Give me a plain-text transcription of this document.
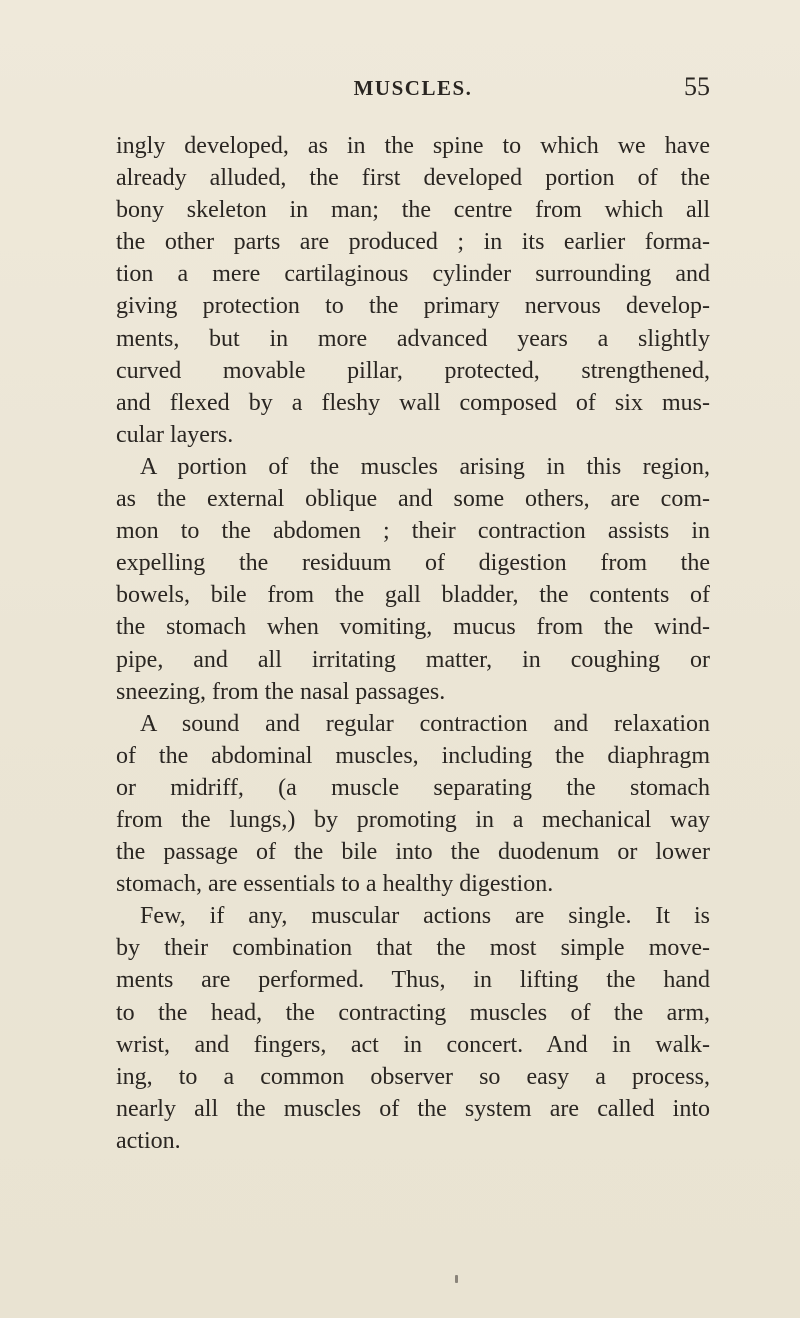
MUSCLES.	55
ingly developed, as in the spine to which we have
already alluded, the first developed portion of the
bony skeleton in man; the centre from which all
the other parts are produced ; in its earlier forma-
tion a mere cartilaginous cylinder surrounding and
giving protection to the primary nervous develop-
ments, but in more advanced years a slightly
curved movable pillar, protected, strengthened,
and flexed by a fleshy wall composed of six mus-
cular layers.
A portion of the muscles arising in this region,
as the external oblique and some others, are com-
mon to the abdomen ; their contraction assists in
expelling the residuum of digestion from the
bowels, bile from the gall bladder, the contents of
the stomach when vomiting, mucus from the wind-
pipe, and all irritating matter, in coughing or
sneezing, from the nasal passages.
A sound and regular contraction and relaxation
of the abdominal muscles, including the diaphragm
or midriff, (a muscle separating the stomach
from the lungs,) by promoting in a mechanical way
the passage of the bile into the duodenum or lower
stomach, are essentials to a healthy digestion.
Few, if any, muscular actions are single. It is
by their combination that the most simple move-
ments are performed. Thus, in lifting the hand
to the head, the contracting muscles of the arm,
wrist, and fingers, act in concert. And in walk-
ing, to a common observer so easy a process,
nearly all the muscles of the system are called into
action.
